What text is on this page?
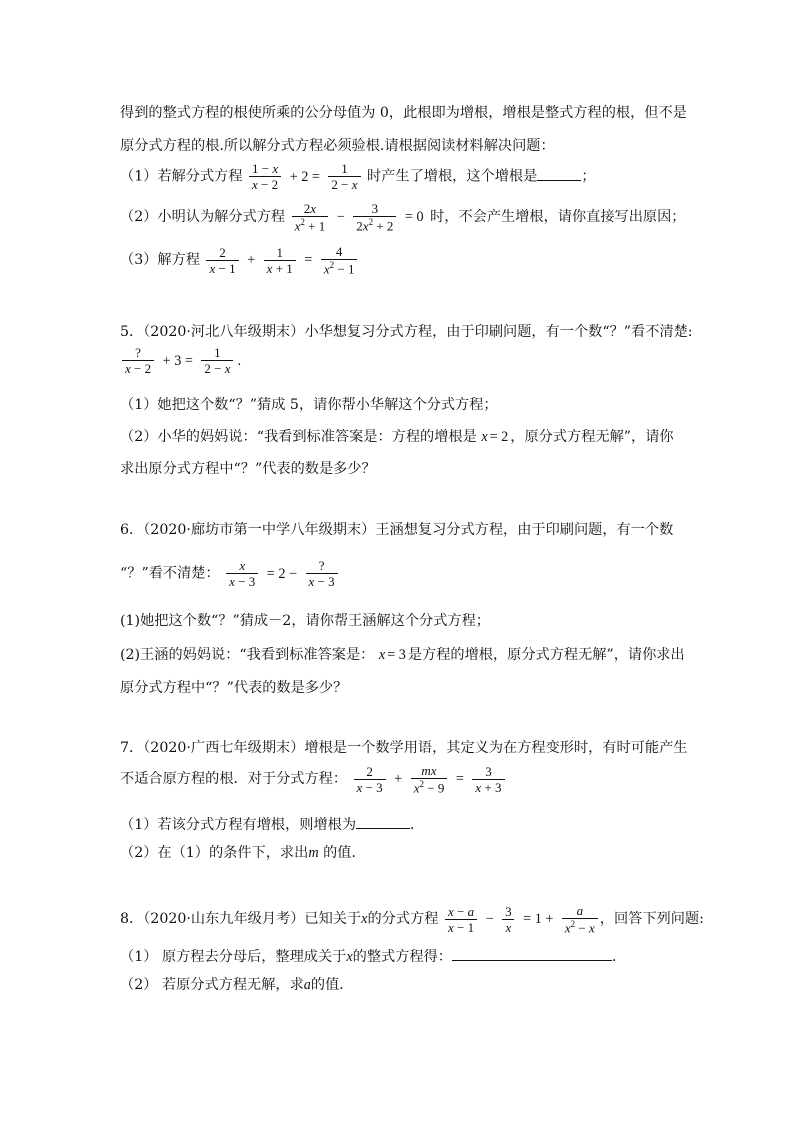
得到的整式方程的根使所乘的公分母值为 0，此根即为增根，增根是整式方程的根，但不是
原分式方程的根.所以解分式方程必须验根.请根据阅读材料解决问题：
（1）若解分式方程 $\frac{1 - x}{x - 2} + 2 = \frac{1}{2 - x}$ 时产生了增根，这个增根是	；
（2）小明认为解分式方程 $\frac{2x}{x^2 + 1} - \frac{3}{2x^2 + 2} = 0$ 时，不会产生增根，请你直接写出原因；
（3）解方程 $\frac{2}{x - 1} + \frac{1}{x + 1} = \frac{4}{x^2 - 1}$
5．（2020·河北八年级期末）小华想复习分式方程，由于印刷问题，有一个数“？”看不清楚:
$\frac{?}{x - 2} + 3 = \frac{1}{2 - x}$ .
（1）她把这个数“？”猜成 5，请你帮小华解这个分式方程；
（2）小华的妈妈说：“我看到标准答案是：方程的增根是 x = 2 ，原分式方程无解”，请你
求出原分式方程中“？”代表的数是多少？
6．（2020·廊坊市第一中学八年级期末）王涵想复习分式方程，由于印刷问题，有一个数
“？”看不清楚： $\frac{x}{x - 3} = 2 - \frac{?}{x - 3}$
(1)她把这个数“？”猜成－2，请你帮王涵解这个分式方程；
(2)王涵的妈妈说：“我看到标准答案是： x = 3 是方程的增根，原分式方程无解”，请你求出
原分式方程中“？”代表的数是多少？
7．（2020·广西七年级期末）增根是一个数学用语，其定义为在方程变形时，有时可能产生
不适合原方程的根．对于分式方程： $\frac{2}{x - 3} + \frac{mx}{x^2 - 9} = \frac{3}{x + 3}$
（1）若该分式方程有增根，则增根为	．
（2）在（1）的条件下，求出m 的值．
8．（2020·山东九年级月考）已知关于x的分式方程 $\frac{x - a}{x - 1} - \frac{3}{x} = 1 + \frac{a}{x^2 - x}$ ，回答下列问题:
（1） 原方程去分母后，整理成关于x的整式方程得：	．
（2） 若原分式方程无解，求a的值．
